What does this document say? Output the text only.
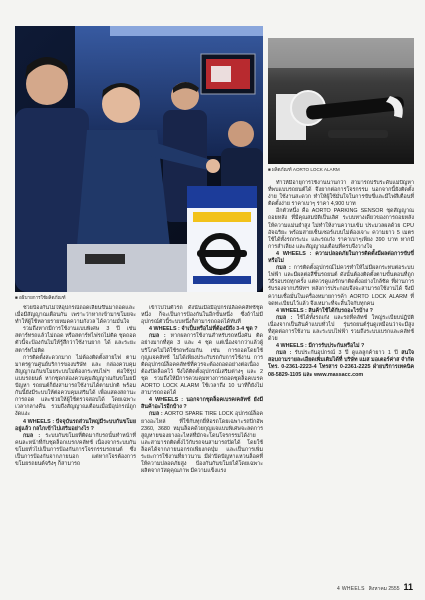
■ อธิบายการใช้ผลิตภัณฑ์
■ ผลิตภัณฑ์ AORTO LOCK ALARM

ช่วยป้องกันไม่ให้อุปกรณ์ถอดเลี่ยนขึ้นมาถอดและ เมื่อมีสัญญาณเตือนกัน เพราะว่าหากเข้ามาขโมยจะทำให้ผู้ใช้หลายรายหมดความกังวล ได้ความมั่นใจ

รวมถึงหากมีการใช้งานแบบพิเศษ 3 ปี เช่น สตาร์ทรถแล้วไม่ถอด หรือสตาร์ทไฟรถไม่ติด ชุดถอดตัวนี้จะป้องกันไม่ให้รู้สึกว่าใช้งานยาก ได้ และระยะสตาร์ทไม่ติด

การติดตั้งสะดวกมาก ไม่ต้องติดตั้งสายไฟ ตามมาตรฐานศูนย์บริการของบริษัท และ กล่องควบคุมสัญญาณกันขโมยระบบไม่ต้องกระทบไฟฯ ต่อใช้รูปแบบรถยนต์ หากชุดกล่องควบคุมสัญญาณกันขโมยมีปัญหา รถยนต์ก็ยังสามารถใช้งานได้ตามปกติ พร้อมกันนี้ยังมีระบบให้ต่อควบคุมเสริมได้ เพื่อแสดงสถานะการถอด และช่วยให้ผู้ใช้ตรวจสอบได้ โดยเฉพาะเวลากลางคืน รวมถึงสัญญาณเตือนเมื่อมีอุปกรณ์ถูกงัดแงะ

4 WHEELS : ปัจจุบันรถส่วนใหญ่มีระบบกันขโมยอยู่แล้ว กลไกเข้าไปเสริมอย่างไร ?

กมล : ระบบกันขโมยที่ติดมากับรถนั้นทำหน้าที่คนละหน้าที่กับชุดล็อกเบรก/คลัทช์ เนื่องจากระบบกันขโมยทั่วไปเป็นการป้องกันการโจรกรรมรถยนต์ ซึ่งเป็นการป้องกันจากภายนอก แต่หากโจรต้องการขโมยรถยนต์จริงๆ ก็สามารถ

เข้าไปในตัวรถ ดังนั้นเมื่อมีอุปกรณ์ล็อคคลัทช์ชุดหนึ่ง ก็จะเป็นการป้องกันในอีกขั้นหนึ่ง ซึ่งถ้าไม่มีอุปกรณ์ตัวนี้ระบบหนึ่งก็สามารถถอดได้ทันที

4 WHEELS : จำเป็นหรือไม่ที่ต้องมีถึง 3-4 ชุด ?

กมล : หากผลการใช้งานสำหรับรถหนึ่งคัน ติดอย่างมากที่สุด 3 และ 4 ชุด แต่เนื่องจากว่าแล้วผู้บริโภคไม่ได้ใช้รถพร้อมกัน เช่น การถอดโดยใช้กุญแจคลัทช์ ไม่ได้เพียงประกับรถกับการใช้งาน การติดอุปกรณ์ล็อคคลัทช์ที่ควรจะต้องถอดอย่างต่อเนื่อง ต้องปิดล็อคไว้ จึงได้ติดตั้งอุปกรณ์เสริมต่างๆ และ 2 ชุด รวมถึงให้มีการควบคุมทางการถอดชุดล็อคเบรค AORTO LOCK ALARM ใช้เวลาถึง 10 นาทีก็ยังไม่สามารถถอดได้

4 WHEELS : นอกจากชุดล็อคเบรค/คลัทช์ ยังมีสินค้าอะไรอีกบ้าง ?

กมล : AORTO SPARE TIRE LOCK อุปกรณ์ล็อคยางอะไหล่ ที่ใช้กับทุกยี่ห้อรถโดยเฉพาะรถปิกอัพ 2360, 3680 หมุนล็อคด้วยกุญแจแบบพิเศษจะลดการสูญหายของยางอะไหล่ที่มักจะโดนโจรกรรมได้ง่าย และสามารถติดตั้งไว้กับรถจนสามารถปิดได้ โดยใช้ล็อคได้จากภายนอกรถเพียงกดปุ่ม และเป็นการเพิ่มระยะการใช้งานที่ยาวนาน มีฝาปิดปัญหาแหวนล็อคที่ให้ความปลอดภัยสูง ป้องกันกันขโมยได้โดยเฉพาะ ผลิตจากวัสดุคุณภาพ มีความแข็งแรง

ทำให้มีอายุการใช้งานนานกว่า สามารถปรับระดับแม่ปัญหาที่พบแบบรถยนต์ได้ จึงยากต่อการโจรกรรม นอกจากนี้ยังติดตั้งง่าย ใช้งานสะดวก ทำให้ผู้ใช้มั่นใจในการขับขี่และมีไฟสีเตือนที่ติดตั้งง่าย ราคาเบาๆ ราคา 4,900 บาท

อีกตัวหนึ่ง คือ AORTO PARKING SENSOR ชุดสัญญาณถอยหลัง ที่มีคุณสมบัติเป็นเลิศ ระบบทางเดียวของการถอยหลัง ให้ความแม่นยำสูง ไม่ทำให้งานความเข้ม ประมวลผลด้วย CPU อัจฉริยะ พร้อมสายเซ็นเซอร์แบบไม่ต้องเจาะ ความยาว 5 เมตร ใช้ได้ทั้งรถกระบะ และรถเก๋ง ราคาเบาๆเพียง 390 บาท หากมีการลำเลียง และสัญญาณเตือนที่ครบจึงวางใจ

4 WHEELS : ความปลอดภัยในการติดตั้งมีผลต่อการขับขี่หรือไม่

กมล : การติดตั้งอุปกรณ์ไม่ควรทำให้ไม่มีผลกระทบต่อระบบไฟฟ้า และมีผลต่อสีชิ้นรถยนต์ ดังนั้นต้องติดตั้งตามขั้นตอนที่ถูกวิธีรอบรถทุกครั้ง แต่ควรดูแลรักษาติดตั้งอย่างใกล้ชิด ที่ผ่านการรับรองจากบริษัทฯ หลังการประกอบจึงจะสามารถใช้งานได้ จึงมีความเชื่อมั่นในเครื่องหมายการค้า AORTO LOCK ALARM ที่จดทะเบียนไว้แล้ว จึงเหมาะที่จะสิ้นใจกับทุกคน

4 WHEELS : สินค้าใช้ได้กับรถอะไรบ้าง ?

กมล : ใช้ได้ทั้งรถเก๋ง และรถที่คลัทช์ ใหญ่ระเบียบปฏิบัติ เนื่องจากเป็นสินค้าแบบทั่วไป รุ่นรถยนต์รุ่นดูเหมือนว่าจะมีสูงที่สุดต่อการใช้งาน และระบบไฟฟ้า รวมถึงระบบเบรกและคลัทช์ด้วย

4 WHEELS : มีการรับประกันหรือไม่ ?

กมล : รับประกันอุปกรณ์ 3 ปี ดูแลลูกค้ายาว 1 ปี สนใจสอบถามรายละเอียดเพิ่มเติมได้ที่ บริษัท แมส มอเตอร์ค่าส จำกัด โทร. 0-2361-2223-4 โทรสาร 0-2361-2225 ฝ่ายบริการเทคนิค 08-5829-1105 และ www.massacc.com

4 WHEELS สิงหาคม 2555 11
